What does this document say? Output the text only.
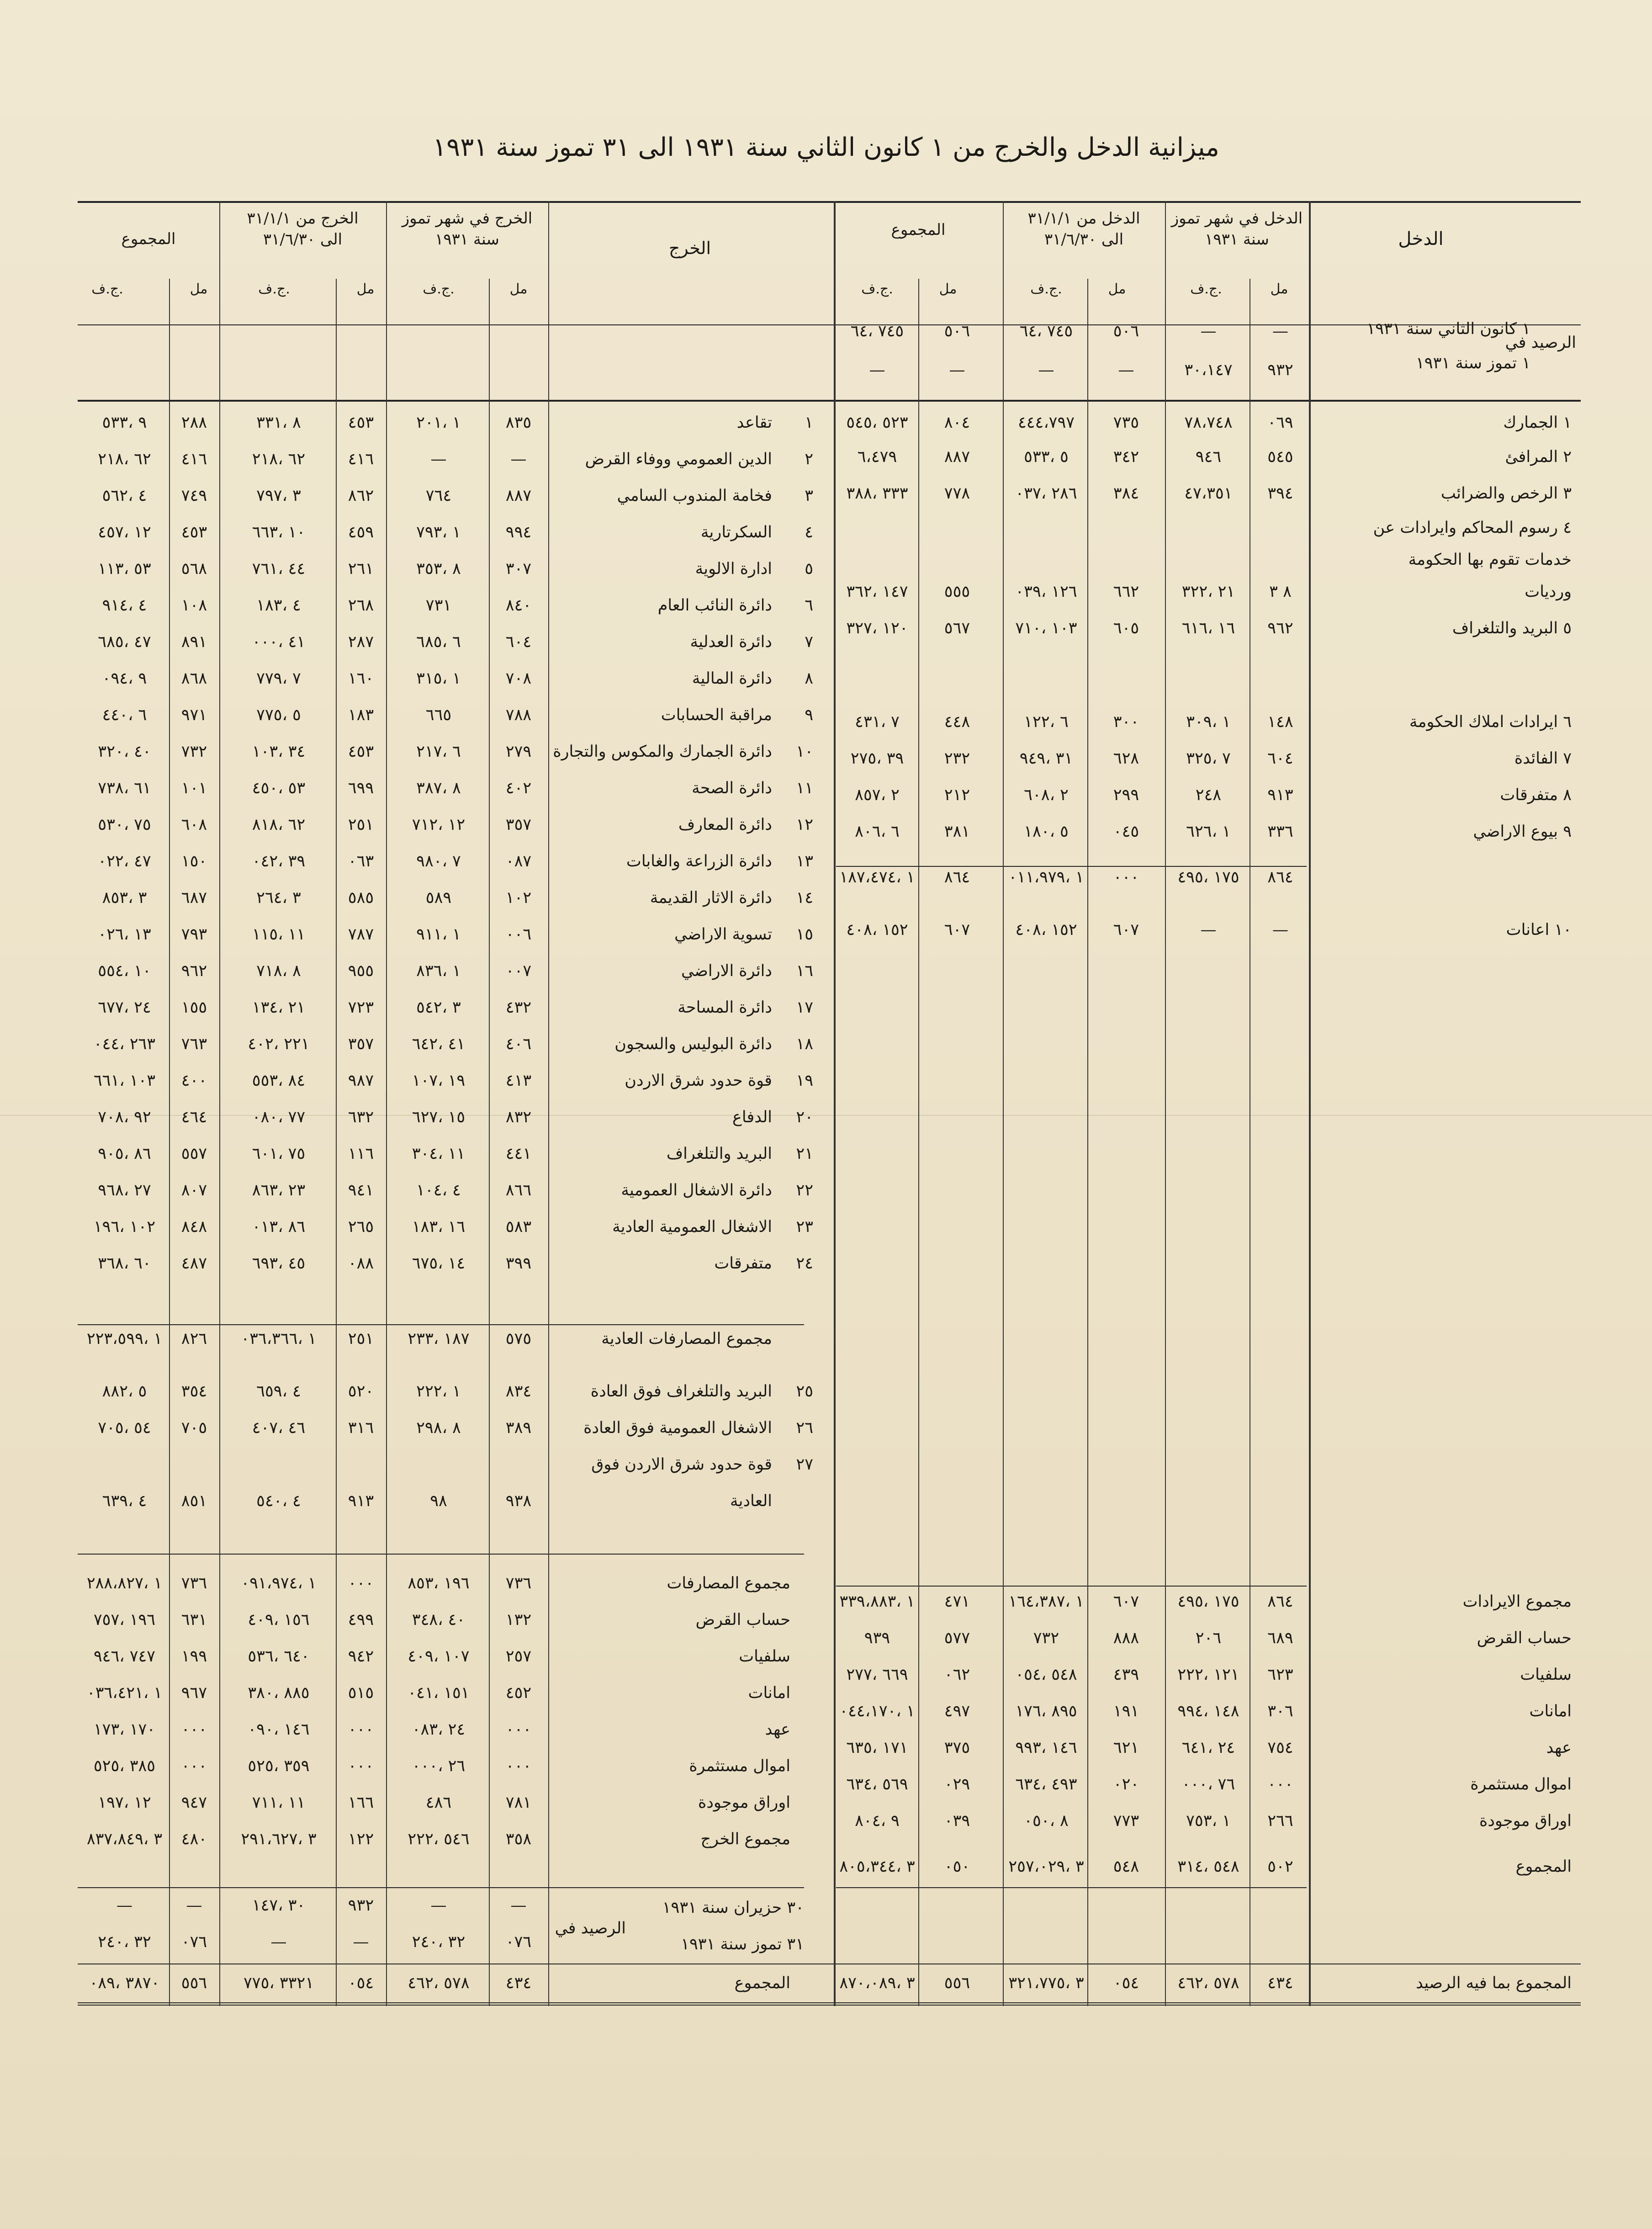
ميزانية الدخل والخرج من ١ كانون الثاني سنة ١٩٣١ الى ٣١ تموز سنة ١٩٣١
الدخل
الدخل في شهر تموز
سنة ١٩٣١
الدخل من ٣١/١/١
الى ٣١/٦/٣٠
المجموع
الخرج
الخرج في شهر تموز
سنة ١٩٣١
الخرج من ٣١/١/١
الى ٣١/٦/٣٠
المجموع
مل
ج.ف.
مل
ج.ف.
مل
ج.ف.
مل
ج.ف.
مل
ج.ف.
مل
ج.ف.
الرصيد في
١ كانون الثاني سنة ١٩٣١
١ تموز سنة ١٩٣١
—
—
٥٠٦
٧٤٥ ،٦٤
٥٠٦
٧٤٥ ،٦٤
٩٣٢
٣٠،١٤٧
—
—
—
—
١ الجمارك
٠٦٩
٧٨،٧٤٨
٧٣٥
٤٤٤،٧٩٧
٨٠٤
٥٢٣ ،٥٤٥
٢ المرافئ
٥٤٥
٩٤٦
٣٤٢
٥ ،٥٣٣
٨٨٧
٦،٤٧٩
٣ الرخص والضرائب
٣٩٤
٤٧،٣٥١
٣٨٤
٢٨٦ ،٠٣٧
٧٧٨
٣٣٣ ،٣٨٨
٤ رسوم المحاكم وايرادات عن
خدمات تقوم بها الحكومة
ورديات
٨ ٣
٢١ ،٣٢٢
٦٦٢
١٢٦ ،٠٣٩
٥٥٥
١٤٧ ،٣٦٢
٥ البريد والتلغراف
٩٦٢
١٦ ،٦١٦
٦٠٥
١٠٣ ،٧١٠
٥٦٧
١٢٠ ،٣٢٧
٦ ايرادات املاك الحكومة
١٤٨
١ ،٣٠٩
٣٠٠
٦ ،١٢٢
٤٤٨
٧ ،٤٣١
٧ الفائدة
٦٠٤
٧ ،٣٢٥
٦٢٨
٣١ ،٩٤٩
٢٣٢
٣٩ ،٢٧٥
٨ متفرقات
٩١٣
٢٤٨
٢٩٩
٢ ،٦٠٨
٢١٢
٢ ،٨٥٧
٩ بيوع الاراضي
٣٣٦
١ ،٦٢٦
٠٤٥
٥ ،١٨٠
٣٨١
٦ ،٨٠٦
٨٦٤
١٧٥ ،٤٩٥
٠٠٠
١ ،٠١١،٩٧٩
٨٦٤
١ ،١٨٧،٤٧٤
١٠ اعانات
—
—
٦٠٧
١٥٢ ،٤٠٨
٦٠٧
١٥٢ ،٤٠٨
مجموع الايرادات
٨٦٤
١٧٥ ،٤٩٥
٦٠٧
١ ،١٦٤،٣٨٧
٤٧١
١ ،٣٣٩،٨٨٣
حساب القرض
٦٨٩
٢٠٦
٨٨٨
٧٣٢
٥٧٧
٩٣٩
سلفيات
٦٢٣
١٢١ ،٢٢٢
٤٣٩
٥٤٨ ،٠٥٤
٠٦٢
٦٦٩ ،٢٧٧
امانات
٣٠٦
١٤٨ ،٩٩٤
١٩١
٨٩٥ ،١٧٦
٤٩٧
١ ،٠٤٤،١٧٠
عهد
٧٥٤
٢٤ ،٦٤١
٦٢١
١٤٦ ،٩٩٣
٣٧٥
١٧١ ،٦٣٥
اموال مستثمرة
٠٠٠
٧٦ ،٠٠٠
٠٢٠
٤٩٣ ،٦٣٤
٠٢٩
٥٦٩ ،٦٣٤
اوراق موجودة
٢٦٦
١ ،٧٥٣
٧٧٣
٨ ،٠٥٠
٠٣٩
٩ ،٨٠٤
المجموع
٥٠٢
٥٤٨ ،٣١٤
٥٤٨
٣ ،٢٥٧،٠٢٩
٠٥٠
٣ ،٨٠٥،٣٤٤
المجموع بما فيه الرصيد
٤٣٤
٥٧٨ ،٤٦٢
٠٥٤
٣ ،٣٢١،٧٧٥
٥٥٦
٣ ،٨٧٠،٠٨٩
١
تقاعد
٨٣٥
١ ،٢٠١
٤٥٣
٨ ،٣٣١
٢٨٨
٩ ،٥٣٣
٢
الدين العمومي ووفاء القرض
—
—
٤١٦
٦٢ ،٢١٨
٤١٦
٦٢ ،٢١٨
٣
فخامة المندوب السامي
٨٨٧
٧٦٤
٨٦٢
٣ ،٧٩٧
٧٤٩
٤ ،٥٦٢
٤
السكرتارية
٩٩٤
١ ،٧٩٣
٤٥٩
١٠ ،٦٦٣
٤٥٣
١٢ ،٤٥٧
٥
ادارة الالوية
٣٠٧
٨ ،٣٥٣
٢٦١
٤٤ ،٧٦١
٥٦٨
٥٣ ،١١٣
٦
دائرة النائب العام
٨٤٠
٧٣١
٢٦٨
٤ ،١٨٣
١٠٨
٤ ،٩١٤
٧
دائرة العدلية
٦٠٤
٦ ،٦٨٥
٢٨٧
٤١ ،٠٠٠
٨٩١
٤٧ ،٦٨٥
٨
دائرة المالية
٧٠٨
١ ،٣١٥
١٦٠
٧ ،٧٧٩
٨٦٨
٩ ،٠٩٤
٩
مراقبة الحسابات
٧٨٨
٦٦٥
١٨٣
٥ ،٧٧٥
٩٧١
٦ ،٤٤٠
١٠
دائرة الجمارك والمكوس والتجارة
٢٧٩
٦ ،٢١٧
٤٥٣
٣٤ ،١٠٣
٧٣٢
٤٠ ،٣٢٠
١١
دائرة الصحة
٤٠٢
٨ ،٣٨٧
٦٩٩
٥٣ ،٤٥٠
١٠١
٦١ ،٧٣٨
١٢
دائرة المعارف
٣٥٧
١٢ ،٧١٢
٢٥١
٦٢ ،٨١٨
٦٠٨
٧٥ ،٥٣٠
١٣
دائرة الزراعة والغابات
٠٨٧
٧ ،٩٨٠
٠٦٣
٣٩ ،٠٤٢
١٥٠
٤٧ ،٠٢٢
١٤
دائرة الاثار القديمة
١٠٢
٥٨٩
٥٨٥
٣ ،٢٦٤
٦٨٧
٣ ،٨٥٣
١٥
تسوية الاراضي
٠٠٦
١ ،٩١١
٧٨٧
١١ ،١١٥
٧٩٣
١٣ ،٠٢٦
١٦
دائرة الاراضي
٠٠٧
١ ،٨٣٦
٩٥٥
٨ ،٧١٨
٩٦٢
١٠ ،٥٥٤
١٧
دائرة المساحة
٤٣٢
٣ ،٥٤٢
٧٢٣
٢١ ،١٣٤
١٥٥
٢٤ ،٦٧٧
١٨
دائرة البوليس والسجون
٤٠٦
٤١ ،٦٤٢
٣٥٧
٢٢١ ،٤٠٢
٧٦٣
٢٦٣ ،٠٤٤
١٩
قوة حدود شرق الاردن
٤١٣
١٩ ،١٠٧
٩٨٧
٨٤ ،٥٥٣
٤٠٠
١٠٣ ،٦٦١
٢٠
الدفاع
٨٣٢
١٥ ،٦٢٧
٦٣٢
٧٧ ،٠٨٠
٤٦٤
٩٢ ،٧٠٨
٢١
البريد والتلغراف
٤٤١
١١ ،٣٠٤
١١٦
٧٥ ،٦٠١
٥٥٧
٨٦ ،٩٠٥
٢٢
دائرة الاشغال العمومية
٨٦٦
٤ ،١٠٤
٩٤١
٢٣ ،٨٦٣
٨٠٧
٢٧ ،٩٦٨
٢٣
الاشغال العمومية العادية
٥٨٣
١٦ ،١٨٣
٢٦٥
٨٦ ،٠١٣
٨٤٨
١٠٢ ،١٩٦
٢٤
متفرقات
٣٩٩
١٤ ،٦٧٥
٠٨٨
٤٥ ،٦٩٣
٤٨٧
٦٠ ،٣٦٨
مجموع المصارفات العادية
٥٧٥
١٨٧ ،٢٣٣
٢٥١
١ ،٠٣٦،٣٦٦
٨٢٦
١ ،٢٢٣،٥٩٩
٢٥
البريد والتلغراف فوق العادة
٨٣٤
١ ،٢٢٢
٥٢٠
٤ ،٦٥٩
٣٥٤
٥ ،٨٨٢
٢٦
الاشغال العمومية فوق العادة
٣٨٩
٨ ،٢٩٨
٣١٦
٤٦ ،٤٠٧
٧٠٥
٥٤ ،٧٠٥
٢٧
قوة حدود شرق الاردن فوق
العادية
٩٣٨
٩٨
٩١٣
٤ ،٥٤٠
٨٥١
٤ ،٦٣٩
مجموع المصارفات
٧٣٦
١٩٦ ،٨٥٣
٠٠٠
١ ،٠٩١،٩٧٤
٧٣٦
١ ،٢٨٨،٨٢٧
حساب القرض
١٣٢
٤٠ ،٣٤٨
٤٩٩
١٥٦ ،٤٠٩
٦٣١
١٩٦ ،٧٥٧
سلفيات
٢٥٧
١٠٧ ،٤٠٩
٩٤٢
٦٤٠ ،٥٣٦
١٩٩
٧٤٧ ،٩٤٦
امانات
٤٥٢
١٥١ ،٠٤١
٥١٥
٨٨٥ ،٣٨٠
٩٦٧
١ ،٠٣٦،٤٢١
عهد
٠٠٠
٢٤ ،٠٨٣
٠٠٠
١٤٦ ،٠٩٠
٠٠٠
١٧٠ ،١٧٣
اموال مستثمرة
٠٠٠
٢٦ ،٠٠٠
٠٠٠
٣٥٩ ،٥٢٥
٠٠٠
٣٨٥ ،٥٢٥
اوراق موجودة
٧٨١
٤٨٦
١٦٦
١١ ،٧١١
٩٤٧
١٢ ،١٩٧
مجموع الخرج
٣٥٨
٥٤٦ ،٢٢٢
١٢٢
٣ ،٢٩١،٦٢٧
٤٨٠
٣ ،٨٣٧،٨٤٩
الرصيد في
٣٠ حزيران سنة ١٩٣١
٣١ تموز سنة ١٩٣١
—
—
٩٣٢
٣٠ ،١٤٧
—
—
٠٧٦
٣٢ ،٢٤٠
—
—
٠٧٦
٣٢ ،٢٤٠
المجموع
٤٣٤
٥٧٨ ،٤٦٢
٠٥٤
٣٣٢١ ،٧٧٥
٥٥٦
٣٨٧٠ ،٠٨٩
